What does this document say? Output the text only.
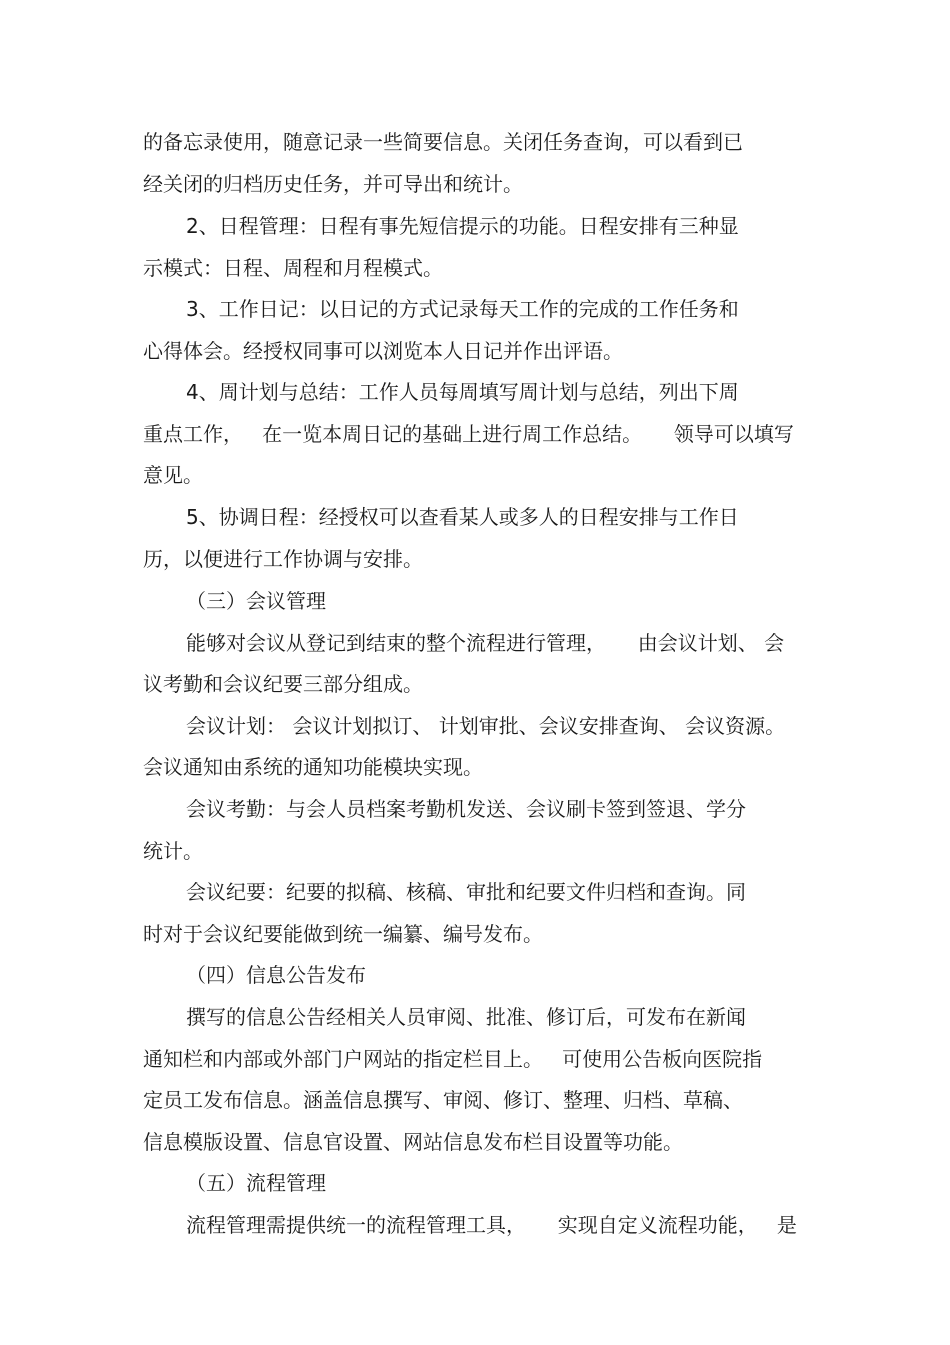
的备忘录使用，随意记录一些简要信息。关闭任务查询，可以看到已
经关闭的归档历史任务，并可导出和统计。
2、日程管理：日程有事先短信提示的功能。日程安排有三种显
示模式：日程、周程和月程模式。
3、工作日记：以日记的方式记录每天工作的完成的工作任务和
心得体会。经授权同事可以浏览本人日记并作出评语。
4、周计划与总结：工作人员每周填写周计划与总结，列出下周
重点工作，   在一览本周日记的基础上进行周工作总结。     领导可以填写
意见。
5、协调日程：经授权可以查看某人或多人的日程安排与工作日
历，以便进行工作协调与安排。
（三）会议管理
能够对会议从登记到结束的整个流程进行管理，     由会议计划、 会
议考勤和会议纪要三部分组成。
会议计划： 会议计划拟订、 计划审批、会议安排查询、 会议资源。
会议通知由系统的通知功能模块实现。
会议考勤：与会人员档案考勤机发送、会议刷卡签到签退、学分
统计。
会议纪要：纪要的拟稿、核稿、审批和纪要文件归档和查询。同
时对于会议纪要能做到统一编纂、编号发布。
（四）信息公告发布
撰写的信息公告经相关人员审阅、批准、修订后，可发布在新闻
通知栏和内部或外部门户网站的指定栏目上。   可使用公告板向医院指
定员工发布信息。涵盖信息撰写、审阅、修订、整理、归档、草稿、
信息模版设置、信息官设置、网站信息发布栏目设置等功能。
（五）流程管理
流程管理需提供统一的流程管理工具，     实现自定义流程功能，   是
